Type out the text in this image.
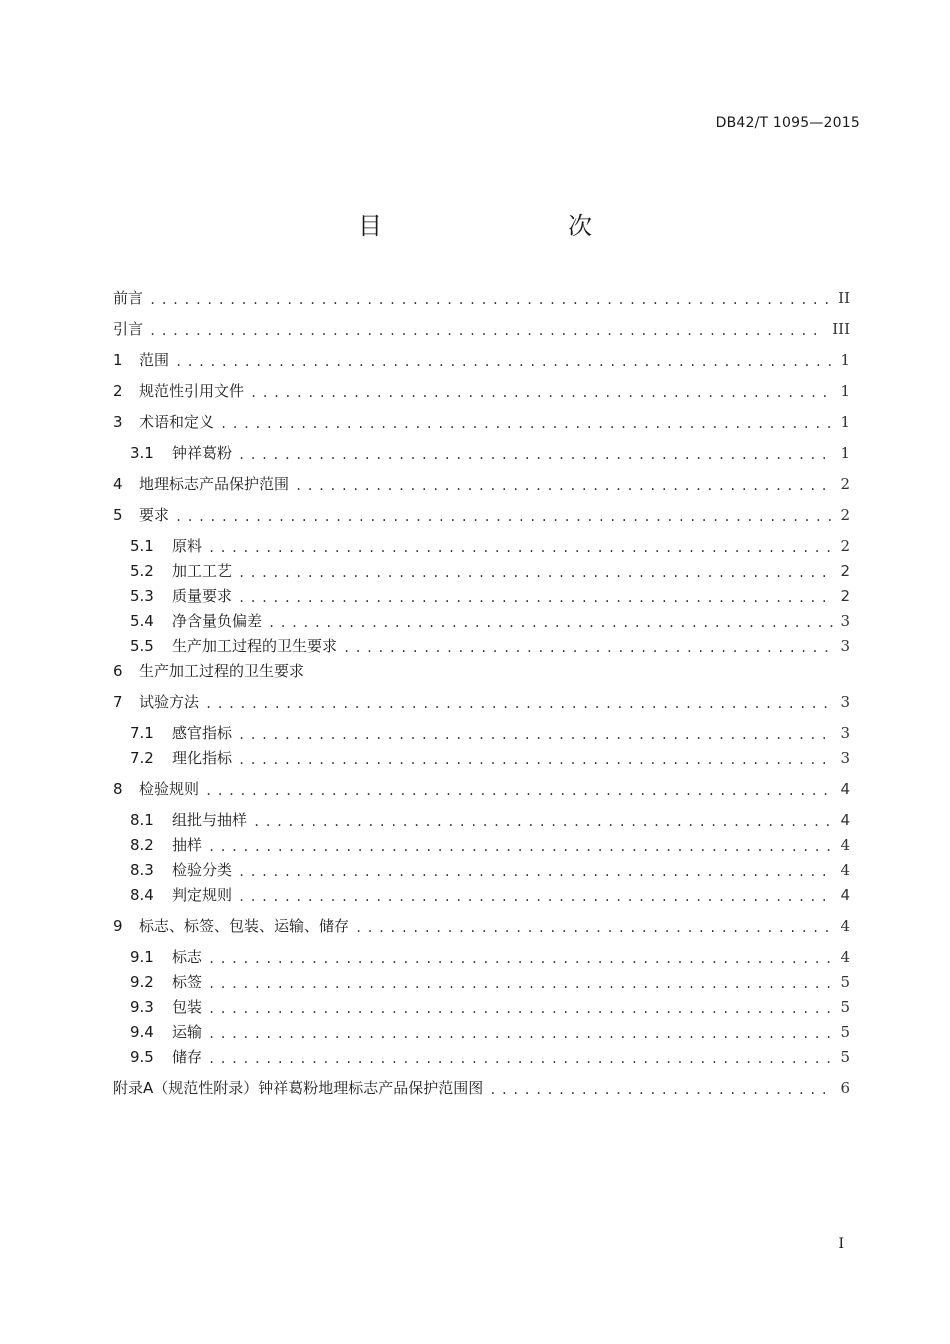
DB42/T 1095—2015
目　　次
前言 .....	II
引言 .....	III
1	范围 .....	1
2	规范性引用文件 .....	1
3	术语和定义 .....	1
3.1	钟祥葛粉 .....	1
4	地理标志产品保护范围 .....	2
5	要求 .....	2
5.1	原料 .....	2
5.2	加工工艺 .....	2
5.3	质量要求 .....	2
5.4	净含量负偏差 .....	3
5.5	生产加工过程的卫生要求 .....	3
6	生产加工过程的卫生要求
7	试验方法 .....	3
7.1	感官指标 .....	3
7.2	理化指标 .....	3
8	检验规则 .....	4
8.1	组批与抽样 .....	4
8.2	抽样 .....	4
8.3	检验分类 .....	4
8.4	判定规则 .....	4
9	标志、标签、包装、运输、储存 .....	4
9.1	标志 .....	4
9.2	标签 .....	5
9.3	包装 .....	5
9.4	运输 .....	5
9.5	储存 .....	5
附录A（规范性附录）钟祥葛粉地理标志产品保护范围图 .....	6
I
